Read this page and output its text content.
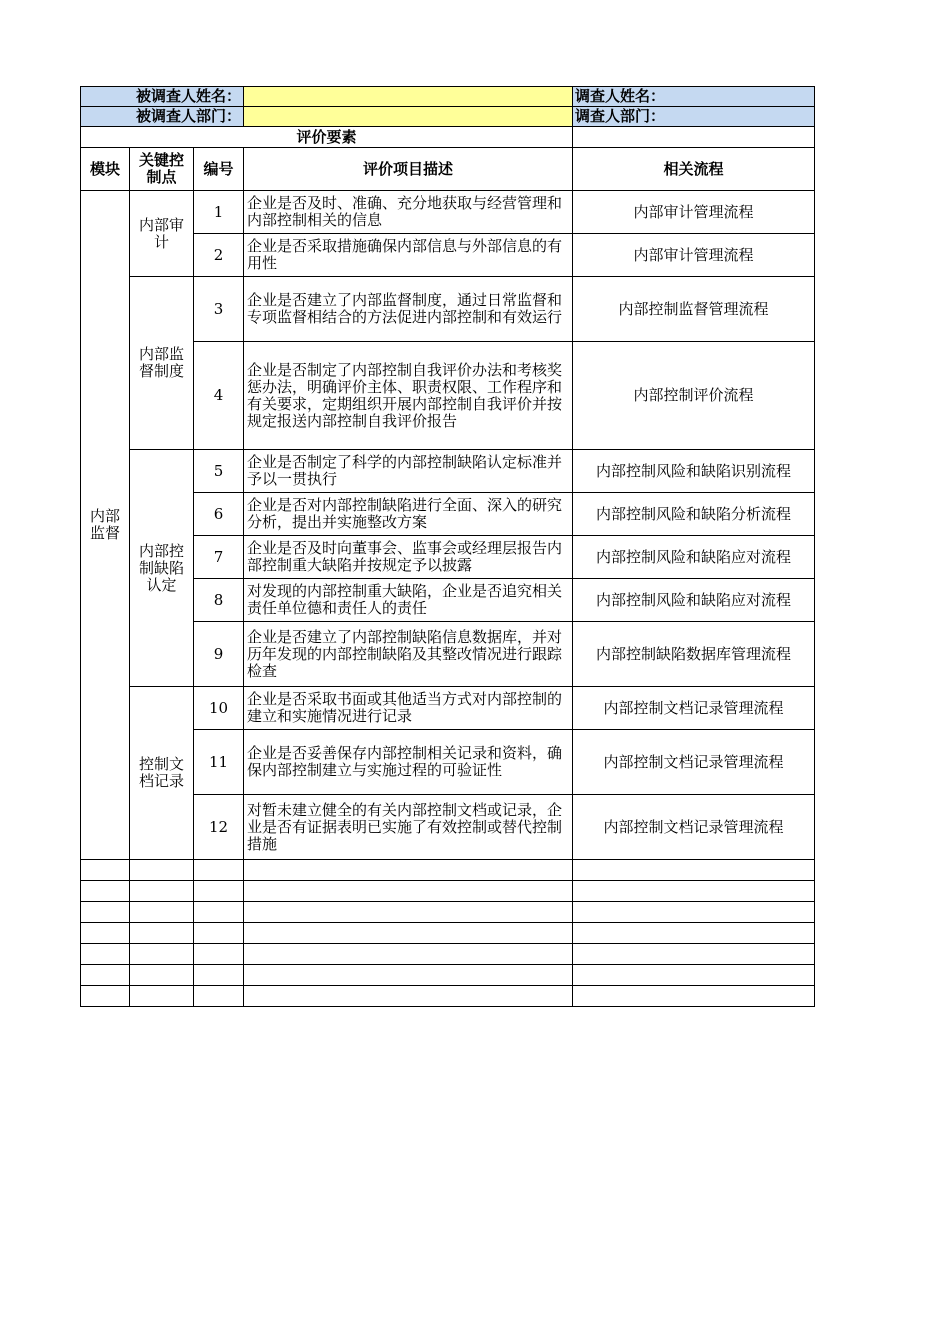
被调查人姓名：				调查人姓名：
被调查人部门：				调查人部门：
评价要素				
模块	关键控制点	编号	评价项目描述	相关流程
内部监督	内部审计	1	企业是否及时、准确、充分地获取与经营管理和内部控制相关的信息	内部审计管理流程
		2	企业是否采取措施确保内部信息与外部信息的有用性	内部审计管理流程
	内部监督制度	3	企业是否建立了内部监督制度，通过日常监督和专项监督相结合的方法促进内部控制和有效运行	内部控制监督管理流程
		4	企业是否制定了内部控制自我评价办法和考核奖惩办法，明确评价主体、职责权限、工作程序和有关要求，定期组织开展内部控制自我评价并按规定报送内部控制自我评价报告	内部控制评价流程
	内部控制缺陷认定	5	企业是否制定了科学的内部控制缺陷认定标准并予以一贯执行	内部控制风险和缺陷识别流程
		6	企业是否对内部控制缺陷进行全面、深入的研究分析，提出并实施整改方案	内部控制风险和缺陷分析流程
		7	企业是否及时向董事会、监事会或经理层报告内部控制重大缺陷并按规定予以披露	内部控制风险和缺陷应对流程
		8	对发现的内部控制重大缺陷，企业是否追究相关责任单位德和责任人的责任	内部控制风险和缺陷应对流程
		9	企业是否建立了内部控制缺陷信息数据库，并对历年发现的内部控制缺陷及其整改情况进行跟踪检查	内部控制缺陷数据库管理流程
	控制文档记录	10	企业是否采取书面或其他适当方式对内部控制的建立和实施情况进行记录	内部控制文档记录管理流程
		11	企业是否妥善保存内部控制相关记录和资料，确保内部控制建立与实施过程的可验证性	内部控制文档记录管理流程
		12	对暂未建立健全的有关内部控制文档或记录，企业是否有证据表明已实施了有效控制或替代控制措施	内部控制文档记录管理流程
